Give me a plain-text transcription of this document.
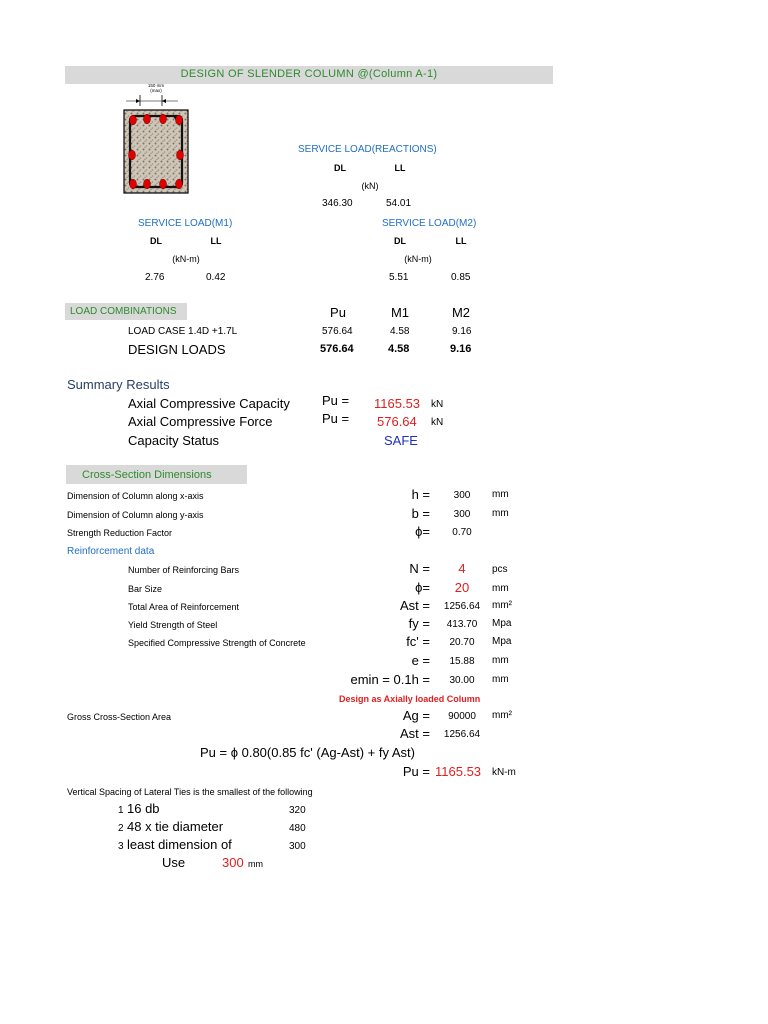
DESIGN OF SLENDER COLUMN @(Column A-1)
150 mm
(max)
SERVICE LOAD(REACTIONS)
DL	LL
(kN)
346.30	54.01
SERVICE LOAD(M1)
DL	LL
(kN-m)
2.76	0.42
SERVICE LOAD(M2)
DL	LL
(kN-m)
5.51	0.85
LOAD COMBINATIONS	Pu	M1	M2
LOAD CASE 1.4D +1.7L	576.64	4.58	9.16
DESIGN LOADS	576.64	4.58	9.16
Summary Results
Axial Compressive Capacity Pu = 1165.53 kN
Axial Compressive Force	Pu = 576.64 kN
Capacity Status	SAFE
Cross-Section Dimensions
Dimension of Column along x-axis	h =	300	mm
Dimension of Column along y-axis	b =	300	mm
Strength Reduction Factor	ϕ=	0.70
Reinforcement data
Number of Reinforcing Bars	N =	4	pcs
Bar Size	ϕ=	20	mm
Total Area of Reinforcement	Ast =	1256.64	mm²
Yield Strength of Steel	fy =	413.70	Mpa
Specified Compressive Strength of Concrete	fc' =	20.70	Mpa
e =	15.88	mm
emin = 0.1h =	30.00	mm
Design as Axially loaded Column
Gross Cross-Section Area	Ag =	90000	mm²
Ast =	1256.64
Pu = ϕ 0.80(0.85 fc' (Ag-Ast) + fy Ast)
Pu = 1165.53 kN-m
Vertical Spacing of Lateral Ties is the smallest of the following
1 16 db	320
2 48 x tie diameter	480
3 least dimension of	300
Use	300 mm
